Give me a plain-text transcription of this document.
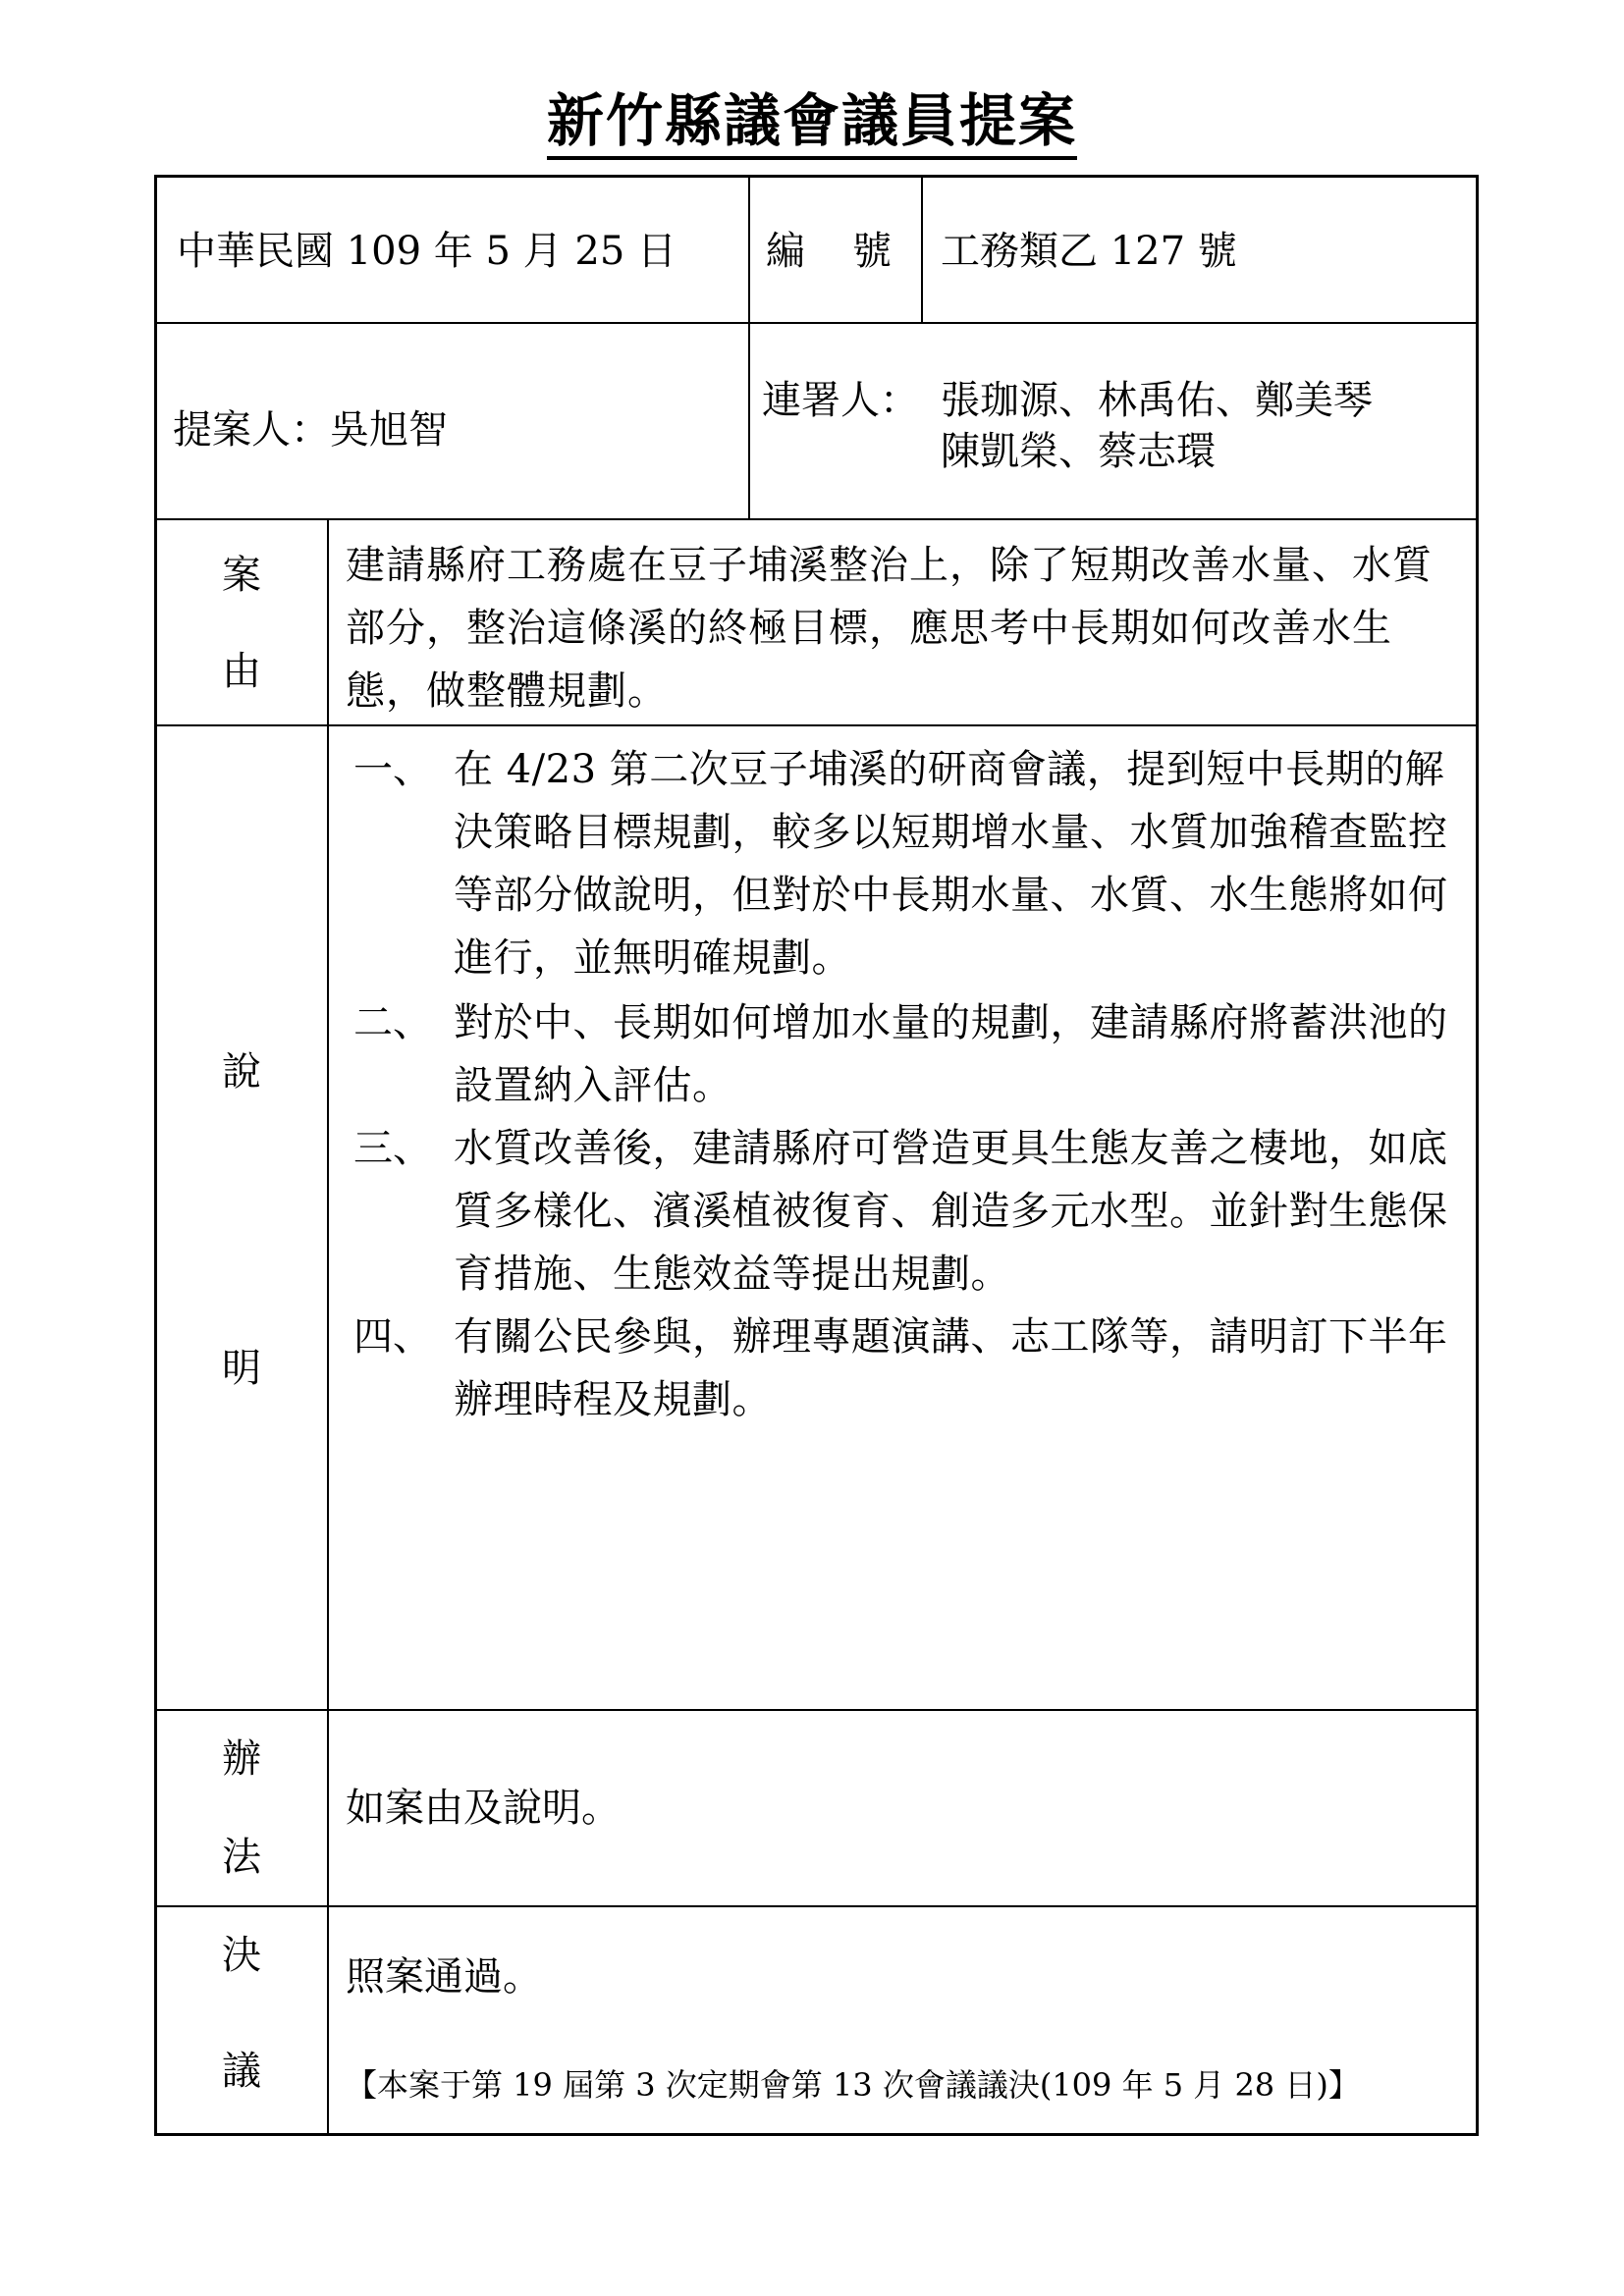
新竹縣議會議員提案
中華民國 109 年 5 月 25 日 編　號 工務類乙 127 號
提案人：吳旭智
連署人： 張珈源、林禹佑、鄭美琴
陳凱榮、蔡志環
案
由
建請縣府工務處在豆子埔溪整治上，除了短期改善水量、水質部分，整治這條溪的終極目標，應思考中長期如何改善水生態，做整體規劃。
說
明
一、 在 4/23 第二次豆子埔溪的研商會議，提到短中長期的解決策略目標規劃，較多以短期增水量、水質加強稽查監控等部分做說明，但對於中長期水量、水質、水生態將如何進行，並無明確規劃。
二、 對於中、長期如何增加水量的規劃，建請縣府將蓄洪池的設置納入評估。
三、 水質改善後，建請縣府可營造更具生態友善之棲地，如底質多樣化、濱溪植被復育、創造多元水型。並針對生態保育措施、生態效益等提出規劃。
四、 有關公民參與，辦理專題演講、志工隊等，請明訂下半年辦理時程及規劃。
辦
法
如案由及說明。
決
議
照案通過。
【本案于第 19 屆第 3 次定期會第 13 次會議議決(109 年 5 月 28 日)】
